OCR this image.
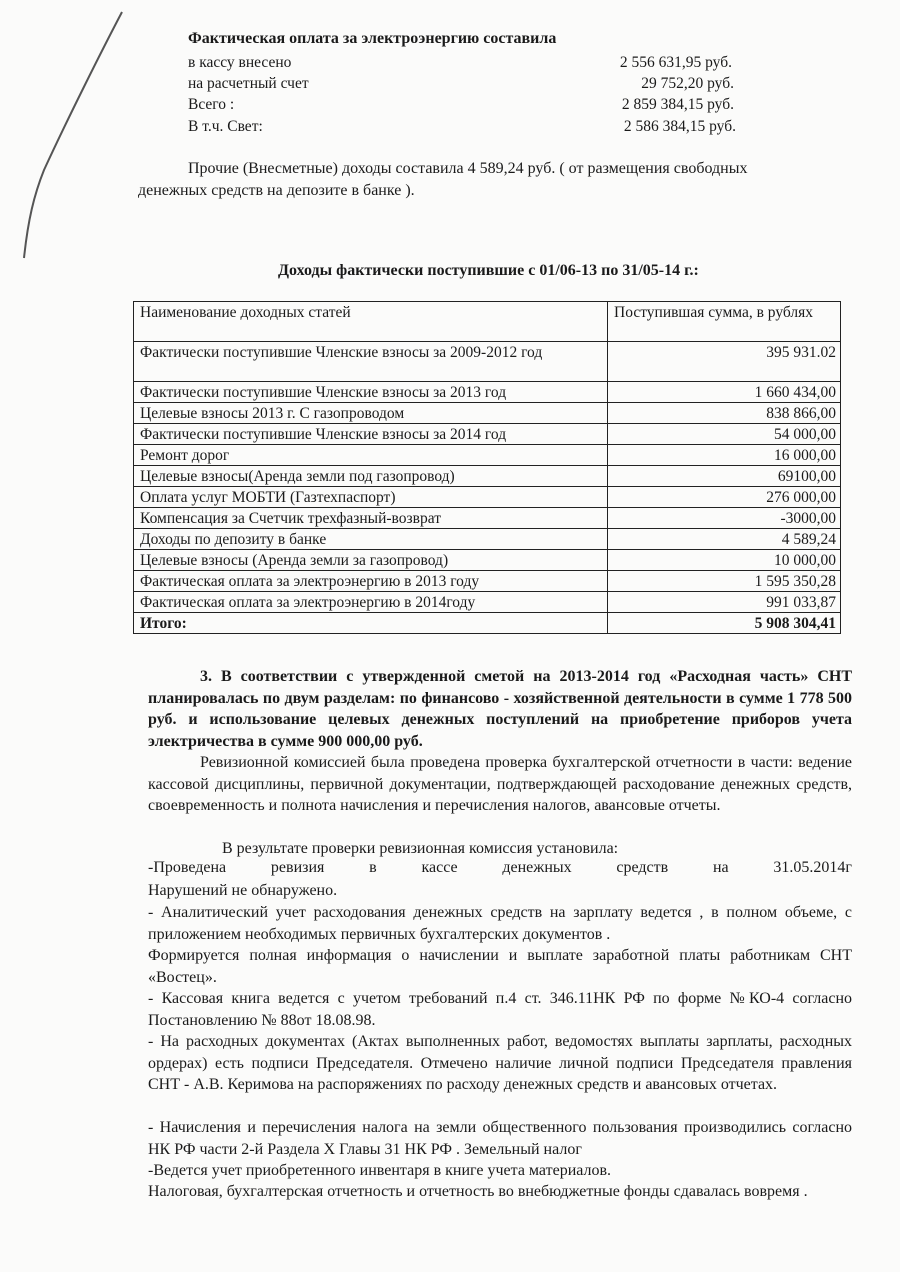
Фактическая оплата за электроэнергию составила
в кассу внесено	2 556 631,95 руб.
на расчетный счет	29 752,20 руб.
Всего :	2 859 384,15 руб.
В т.ч. Свет:	2 586 384,15 руб.
Прочие (Внесметные) доходы составила 4 589,24 руб. ( от размещения свободных
денежных средств на депозите в банке ).
Доходы фактически поступившие с 01/06-13 по 31/05-14 г.:
Наименование доходных статей	Поступившая сумма, в рублях
Фактически поступившие Членские взносы за 2009-2012 год	395 931.02
Фактически поступившие Членские взносы за 2013 год	1 660 434,00
Целевые взносы 2013 г. С газопроводом	838 866,00
Фактически поступившие Членские взносы за 2014 год	54 000,00
Ремонт дорог	16 000,00
Целевые взносы(Аренда земли под газопровод)	69100,00
Оплата услуг МОБТИ (Газтехпаспорт)	276 000,00
Компенсация за Счетчик трехфазный-возврат	-3000,00
Доходы по депозиту в банке	4 589,24
Целевые взносы (Аренда земли за газопровод)	10 000,00
Фактическая оплата за электроэнергию в 2013 году	1 595 350,28
Фактическая оплата за электроэнергию в 2014году	991 033,87
Итого:	5 908 304,41
3. В соответствии с утвержденной сметой на 2013-2014 год «Расходная часть» СНТ планировалась по двум разделам: по финансово - хозяйственной деятельности в сумме 1 778 500 руб. и использование целевых денежных поступлений на приобретение приборов учета электричества в сумме 900 000,00 руб.
Ревизионной комиссией была проведена проверка бухгалтерской отчетности в части: ведение кассовой дисциплины, первичной документации, подтверждающей расходование денежных средств, своевременность и полнота начисления и перечисления налогов, авансовые отчеты.
В результате проверки ревизионная комиссия установила:
-Проведена	ревизия	в	кассе	денежных	средств	на	31.05.2014г
Нарушений не обнаружено.
- Аналитический учет расходования денежных средств на зарплату ведется , в полном объеме, с приложением необходимых первичных бухгалтерских документов .
Формируется полная информация о начислении и выплате заработной платы работникам СНТ «Востец».
- Кассовая книга ведется с учетом требований п.4 ст. 346.11НК РФ по форме №КО-4 согласно Постановлению № 88от 18.08.98.
- На расходных документах (Актах выполненных работ, ведомостях выплаты зарплаты, расходных ордерах) есть подписи Председателя. Отмечено наличие личной подписи Председателя правления СНТ - А.В. Керимова на распоряжениях по расходу денежных средств и авансовых отчетах.
- Начисления и перечисления налога на земли общественного пользования производились согласно НК РФ части 2-й Раздела Х Главы 31 НК РФ . Земельный налог
-Ведется учет приобретенного инвентаря в книге учета материалов.
Налоговая, бухгалтерская отчетность и отчетность во внебюджетные фонды сдавалась вовремя .
